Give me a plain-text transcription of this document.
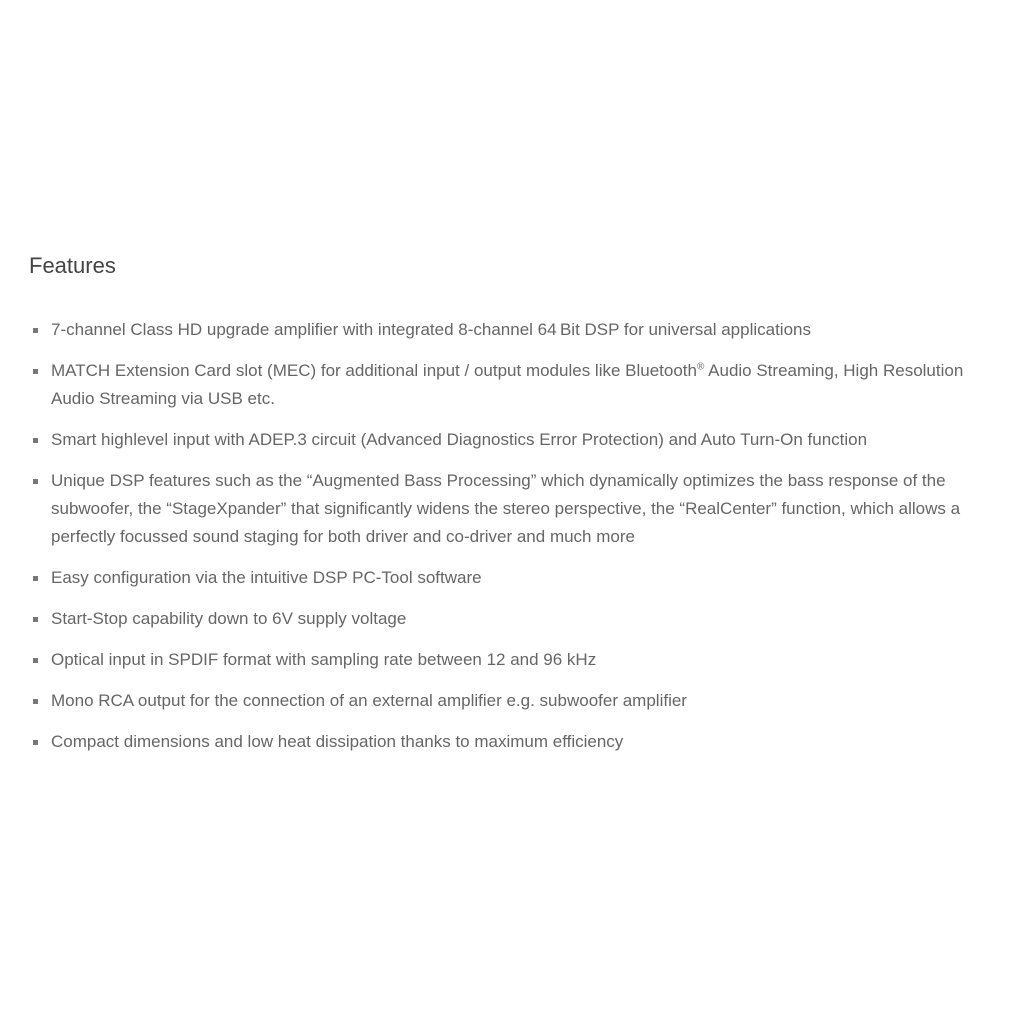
Features
7-channel Class HD upgrade amplifier with integrated 8-channel 64 Bit DSP for universal applications
MATCH Extension Card slot (MEC) for additional input / output modules like Bluetooth® Audio Streaming, High Resolution Audio Streaming via USB etc.
Smart highlevel input with ADEP.3 circuit (Advanced Diagnostics Error Protection) and Auto Turn-On function
Unique DSP features such as the “Augmented Bass Processing” which dynamically optimizes the bass response of the subwoofer, the “StageXpander” that significantly widens the stereo perspective, the “RealCenter” function, which allows a perfectly focussed sound staging for both driver and co-driver and much more
Easy configuration via the intuitive DSP PC-Tool software
Start-Stop capability down to 6V supply voltage
Optical input in SPDIF format with sampling rate between 12 and 96 kHz
Mono RCA output for the connection of an external amplifier e.g. subwoofer amplifier
Compact dimensions and low heat dissipation thanks to maximum efficiency
